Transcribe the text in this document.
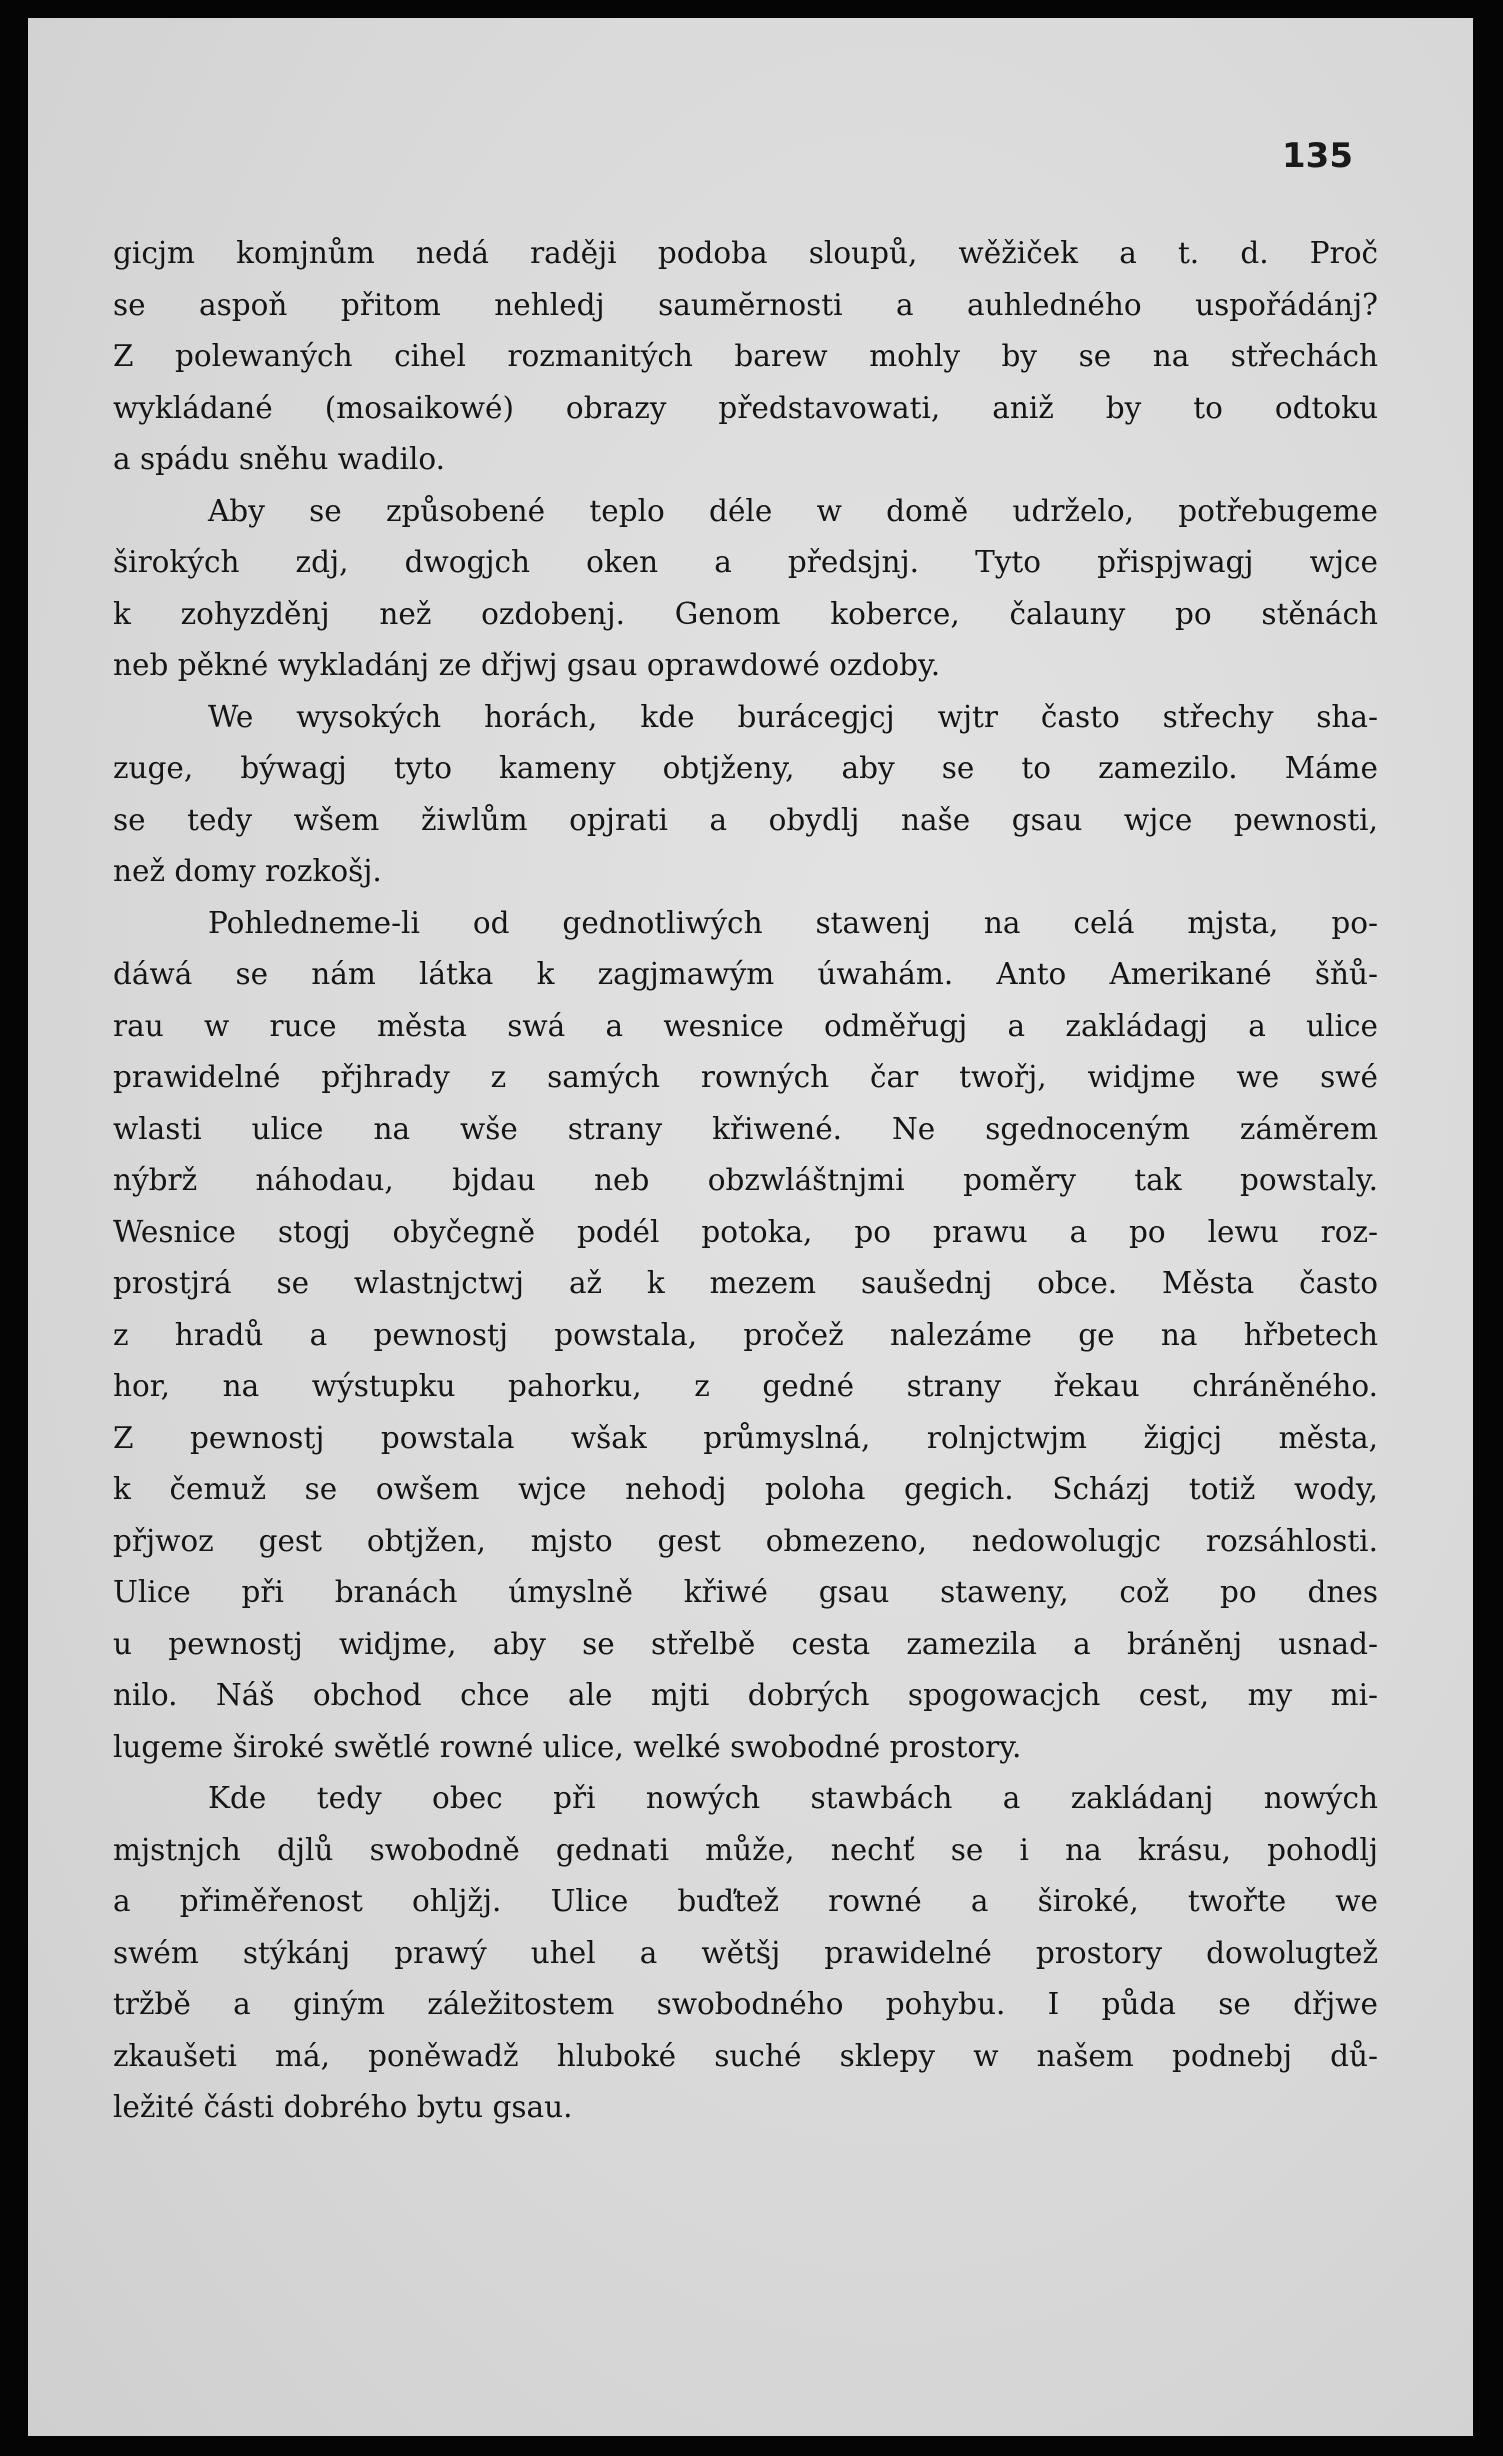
135
gicjm komjnům nedá raději podoba sloupů, wěžiček a t. d. Proč
se aspoň přitom nehledj saumĕrnosti a auhledného uspořádánj?
Z polewaných cihel rozmanitých barew mohly by se na střechách
wykládané (mosaikowé) obrazy představowati, aniž by to odtoku
a spádu sněhu wadilo.
Aby se způsobené teplo déle w domě udrželo, potřebugeme
širokých zdj, dwogjch oken a předsjnj. Tyto přispjwagj wjce
k zohyzděnj než ozdobenj. Genom koberce, čalauny po stěnách
neb pěkné wykladánj ze dřjwj gsau oprawdowé ozdoby.
We wysokých horách, kde burácegjcj wjtr často střechy sha-
zuge, býwagj tyto kameny obtjženy, aby se to zamezilo. Máme
se tedy wšem žiwlům opjrati a obydlj naše gsau wjce pewnosti,
než domy rozkošj.
Pohledneme-li od gednotliwých stawenj na celá mjsta, po-
dáwá se nám látka k zagjmawým úwahám. Anto Amerikané šňů-
rau w ruce města swá a wesnice odměřugj a zakládagj a ulice
prawidelné přjhrady z samých rowných čar twořj, widjme we swé
wlasti ulice na wše strany křiwené. Ne sgednoceným záměrem
nýbrž náhodau, bjdau neb obzwláštnjmi poměry tak powstaly.
Wesnice stogj obyčegně podél potoka, po prawu a po lewu roz-
prostjrá se wlastnjctwj až k mezem saušednj obce. Města často
z hradů a pewnostj powstala, pročež nalezáme ge na hřbetech
hor, na wýstupku pahorku, z gedné strany řekau chráněného.
Z pewnostj powstala wšak průmyslná, rolnjctwjm žigjcj města,
k čemuž se owšem wjce nehodj poloha gegich. Scházj totiž wody,
přjwoz gest obtjžen, mjsto gest obmezeno, nedowolugjc rozsáhlosti.
Ulice při branách úmyslně křiwé gsau staweny, což po dnes
u pewnostj widjme, aby se střelbě cesta zamezila a bráněnj usnad-
nilo. Náš obchod chce ale mjti dobrých spogowacjch cest, my mi-
lugeme široké swětlé rowné ulice, welké swobodné prostory.
Kde tedy obec při nowých stawbách a zakládanj nowých
mjstnjch djlů swobodně gednati může, nechť se i na krásu, pohodlj
a přiměřenost ohljžj. Ulice buďtež rowné a široké, twořte we
swém stýkánj prawý uhel a wětšj prawidelné prostory dowolugtež
tržbě a giným záležitostem swobodného pohybu. I půda se dřjwe
zkaušeti má, poněwadž hluboké suché sklepy w našem podnebj dů-
ležité části dobrého bytu gsau.
